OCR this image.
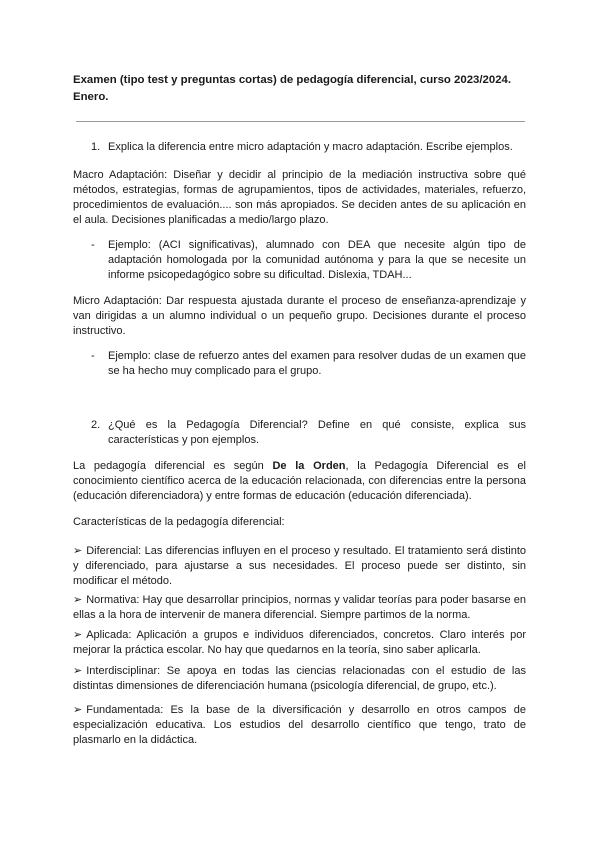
Examen (tipo test y preguntas cortas) de pedagogía diferencial, curso 2023/2024. Enero.
1. Explica la diferencia entre micro adaptación y macro adaptación. Escribe ejemplos.
Macro Adaptación: Diseñar y decidir al principio de la mediación instructiva sobre qué métodos, estrategias, formas de agrupamientos, tipos de actividades, materiales, refuerzo, procedimientos de evaluación.... son más apropiados. Se deciden antes de su aplicación en el aula. Decisiones planificadas a medio/largo plazo.
- Ejemplo: (ACI significativas), alumnado con DEA que necesite algún tipo de adaptación homologada por la comunidad autónoma y para la que se necesite un informe psicopedagógico sobre su dificultad. Dislexia, TDAH...
Micro Adaptación: Dar respuesta ajustada durante el proceso de enseñanza-aprendizaje y van dirigidas a un alumno individual o un pequeño grupo. Decisiones durante el proceso instructivo.
- Ejemplo: clase de refuerzo antes del examen para resolver dudas de un examen que se ha hecho muy complicado para el grupo.
2. ¿Qué es la Pedagogía Diferencial? Define en qué consiste, explica sus características y pon ejemplos.
La pedagogía diferencial es según De la Orden, la Pedagogía Diferencial es el conocimiento científico acerca de la educación relacionada, con diferencias entre la persona (educación diferenciadora) y entre formas de educación (educación diferenciada).
Características de la pedagogía diferencial:
➢ Diferencial: Las diferencias influyen en el proceso y resultado. El tratamiento será distinto y diferenciado, para ajustarse a sus necesidades. El proceso puede ser distinto, sin modificar el método.
➢ Normativa: Hay que desarrollar principios, normas y validar teorías para poder basarse en ellas a la hora de intervenir de manera diferencial. Siempre partimos de la norma.
➢ Aplicada: Aplicación a grupos e individuos diferenciados, concretos. Claro interés por mejorar la práctica escolar. No hay que quedarnos en la teoría, sino saber aplicarla.
➢ Interdisciplinar: Se apoya en todas las ciencias relacionadas con el estudio de las distintas dimensiones de diferenciación humana (psicología diferencial, de grupo, etc.).
➢ Fundamentada: Es la base de la diversificación y desarrollo en otros campos de especialización educativa. Los estudios del desarrollo científico que tengo, trato de plasmarlo en la didáctica.
